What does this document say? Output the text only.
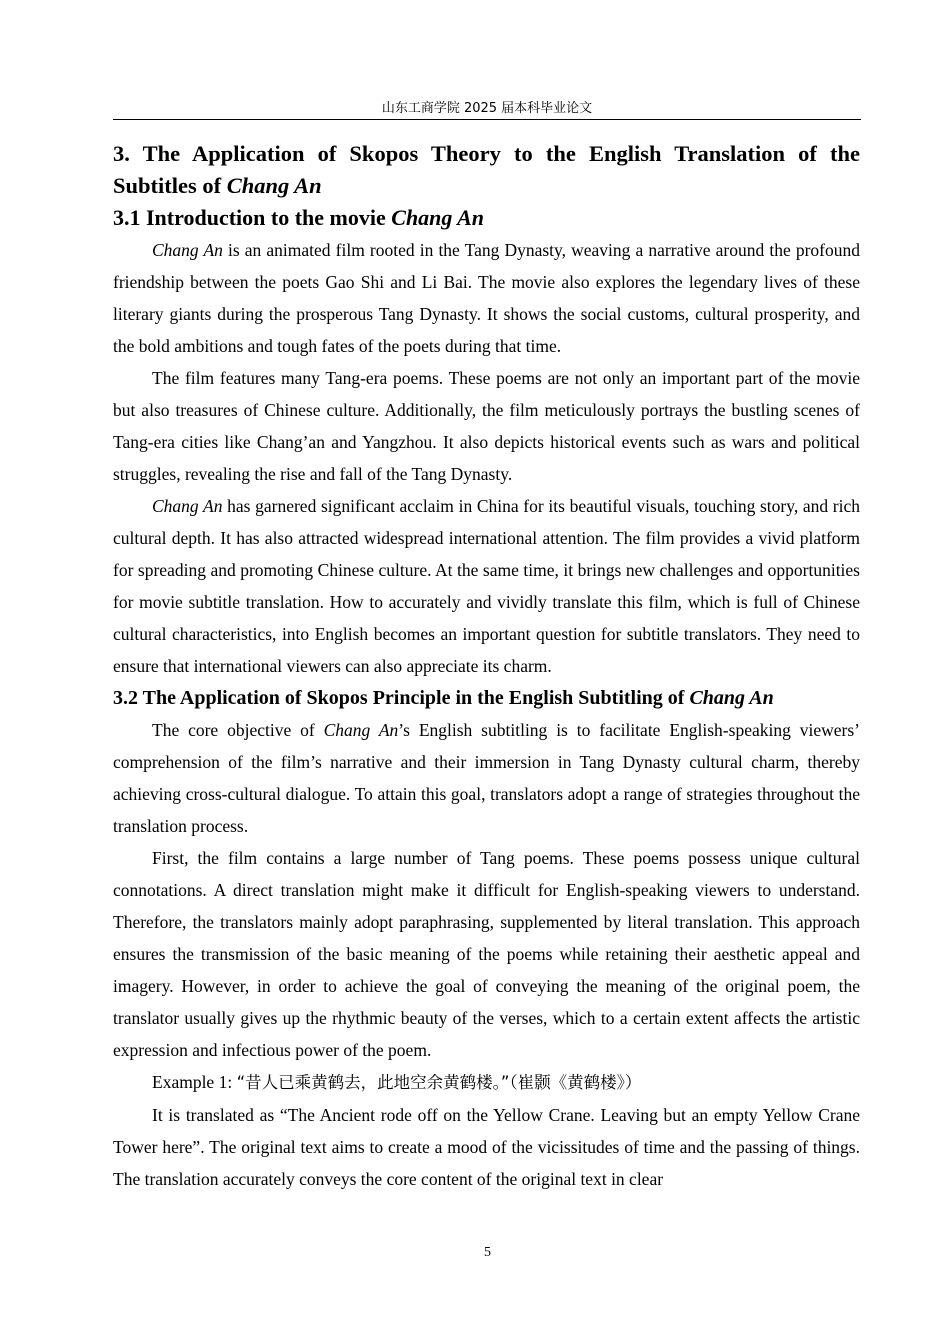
山东工商学院 2025 届本科毕业论文
3. The Application of Skopos Theory to the English Translation of the Subtitles of Chang An
3.1 Introduction to the movie Chang An

Chang An is an animated film rooted in the Tang Dynasty, weaving a narrative around the profound friendship between the poets Gao Shi and Li Bai. The movie also explores the legendary lives of these literary giants during the prosperous Tang Dynasty. It shows the social customs, cultural prosperity, and the bold ambitions and tough fates of the poets during that time.

The film features many Tang-era poems. These poems are not only an important part of the movie but also treasures of Chinese culture. Additionally, the film meticulously portrays the bustling scenes of Tang-era cities like Chang’an and Yangzhou. It also depicts historical events such as wars and political struggles, revealing the rise and fall of the Tang Dynasty.

Chang An has garnered significant acclaim in China for its beautiful visuals, touching story, and rich cultural depth. It has also attracted widespread international attention. The film provides a vivid platform for spreading and promoting Chinese culture. At the same time, it brings new challenges and opportunities for movie subtitle translation. How to accurately and vividly translate this film, which is full of Chinese cultural characteristics, into English becomes an important question for subtitle translators. They need to ensure that international viewers can also appreciate its charm.

3.2 The Application of Skopos Principle in the English Subtitling of Chang An

The core objective of Chang An’s English subtitling is to facilitate English-speaking viewers’ comprehension of the film’s narrative and their immersion in Tang Dynasty cultural charm, thereby achieving cross-cultural dialogue. To attain this goal, translators adopt a range of strategies throughout the translation process.

First, the film contains a large number of Tang poems. These poems possess unique cultural connotations. A direct translation might make it difficult for English-speaking viewers to understand. Therefore, the translators mainly adopt paraphrasing, supplemented by literal translation. This approach ensures the transmission of the basic meaning of the poems while retaining their aesthetic appeal and imagery. However, in order to achieve the goal of conveying the meaning of the original poem, the translator usually gives up the rhythmic beauty of the verses, which to a certain extent affects the artistic expression and infectious power of the poem.

Example 1: “昔人已乘黄鹤去，此地空余黄鹤楼。”（崔颢《黄鹤楼》）

It is translated as “The Ancient rode off on the Yellow Crane. Leaving but an empty Yellow Crane Tower here”. The original text aims to create a mood of the vicissitudes of time and the passing of things. The translation accurately conveys the core content of the original text in clear

5
